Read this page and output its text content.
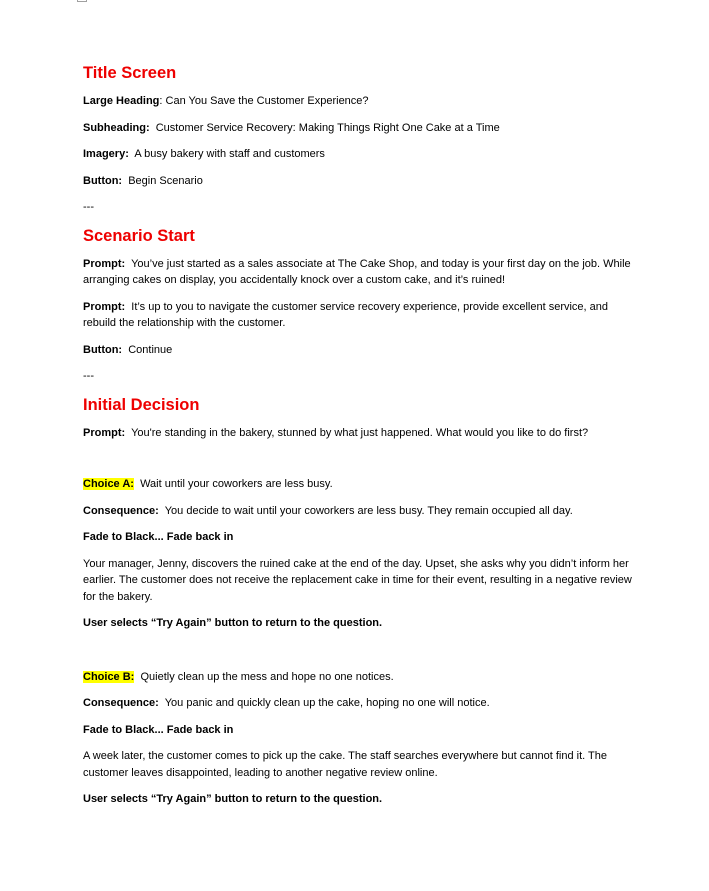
Title Screen

Large Heading: Can You Save the Customer Experience?

Subheading: Customer Service Recovery: Making Things Right One Cake at a Time

Imagery: A busy bakery with staff and customers

Button: Begin Scenario

---

Scenario Start

Prompt: You’ve just started as a sales associate at The Cake Shop, and today is your first day on the job. While arranging cakes on display, you accidentally knock over a custom cake, and it’s ruined!

Prompt: It’s up to you to navigate the customer service recovery experience, provide excellent service, and rebuild the relationship with the customer.

Button: Continue

---

Initial Decision

Prompt: You're standing in the bakery, stunned by what just happened. What would you like to do first?

Choice A: Wait until your coworkers are less busy.

Consequence: You decide to wait until your coworkers are less busy. They remain occupied all day.

Fade to Black... Fade back in

Your manager, Jenny, discovers the ruined cake at the end of the day. Upset, she asks why you didn’t inform her earlier. The customer does not receive the replacement cake in time for their event, resulting in a negative review for the bakery.

User selects “Try Again” button to return to the question.

Choice B: Quietly clean up the mess and hope no one notices.

Consequence: You panic and quickly clean up the cake, hoping no one will notice.

Fade to Black... Fade back in

A week later, the customer comes to pick up the cake. The staff searches everywhere but cannot find it. The customer leaves disappointed, leading to another negative review online.

User selects “Try Again” button to return to the question.
